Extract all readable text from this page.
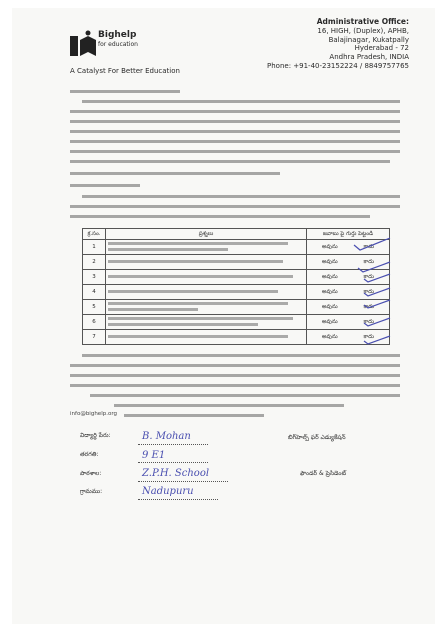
Bighelp
for education
A Catalyst For Better Education
Administrative Office:
16, HIGH, (Duplex), APHB,
Balajinagar, Kukatpally
Hyderabad - 72
Andhra Pradesh, INDIA
Phone: +91-40-23152224 / 8849757765
క్ర.సం.	ప్రశ్నలు	జవాబు పై గుర్తు పెట్టండి
1		అవును కాదు

2		అవును కాదు

3		అవును కాదు

4		అవును కాదు

5		అవును కాదు

6		అవును కాదు

7		అవును కాదు
info@bighelp.org
విద్యార్థి పేరు:	B. Mohan
తరగతి:	9 E1
పాఠశాల:	Z.P.H. School
గ్రామము:	Nadupuru
బిగ్‌హెల్ప్ ఫర్ ఎడ్యుకేషన్
ఫౌండర్ & ప్రెసిడెంట్
